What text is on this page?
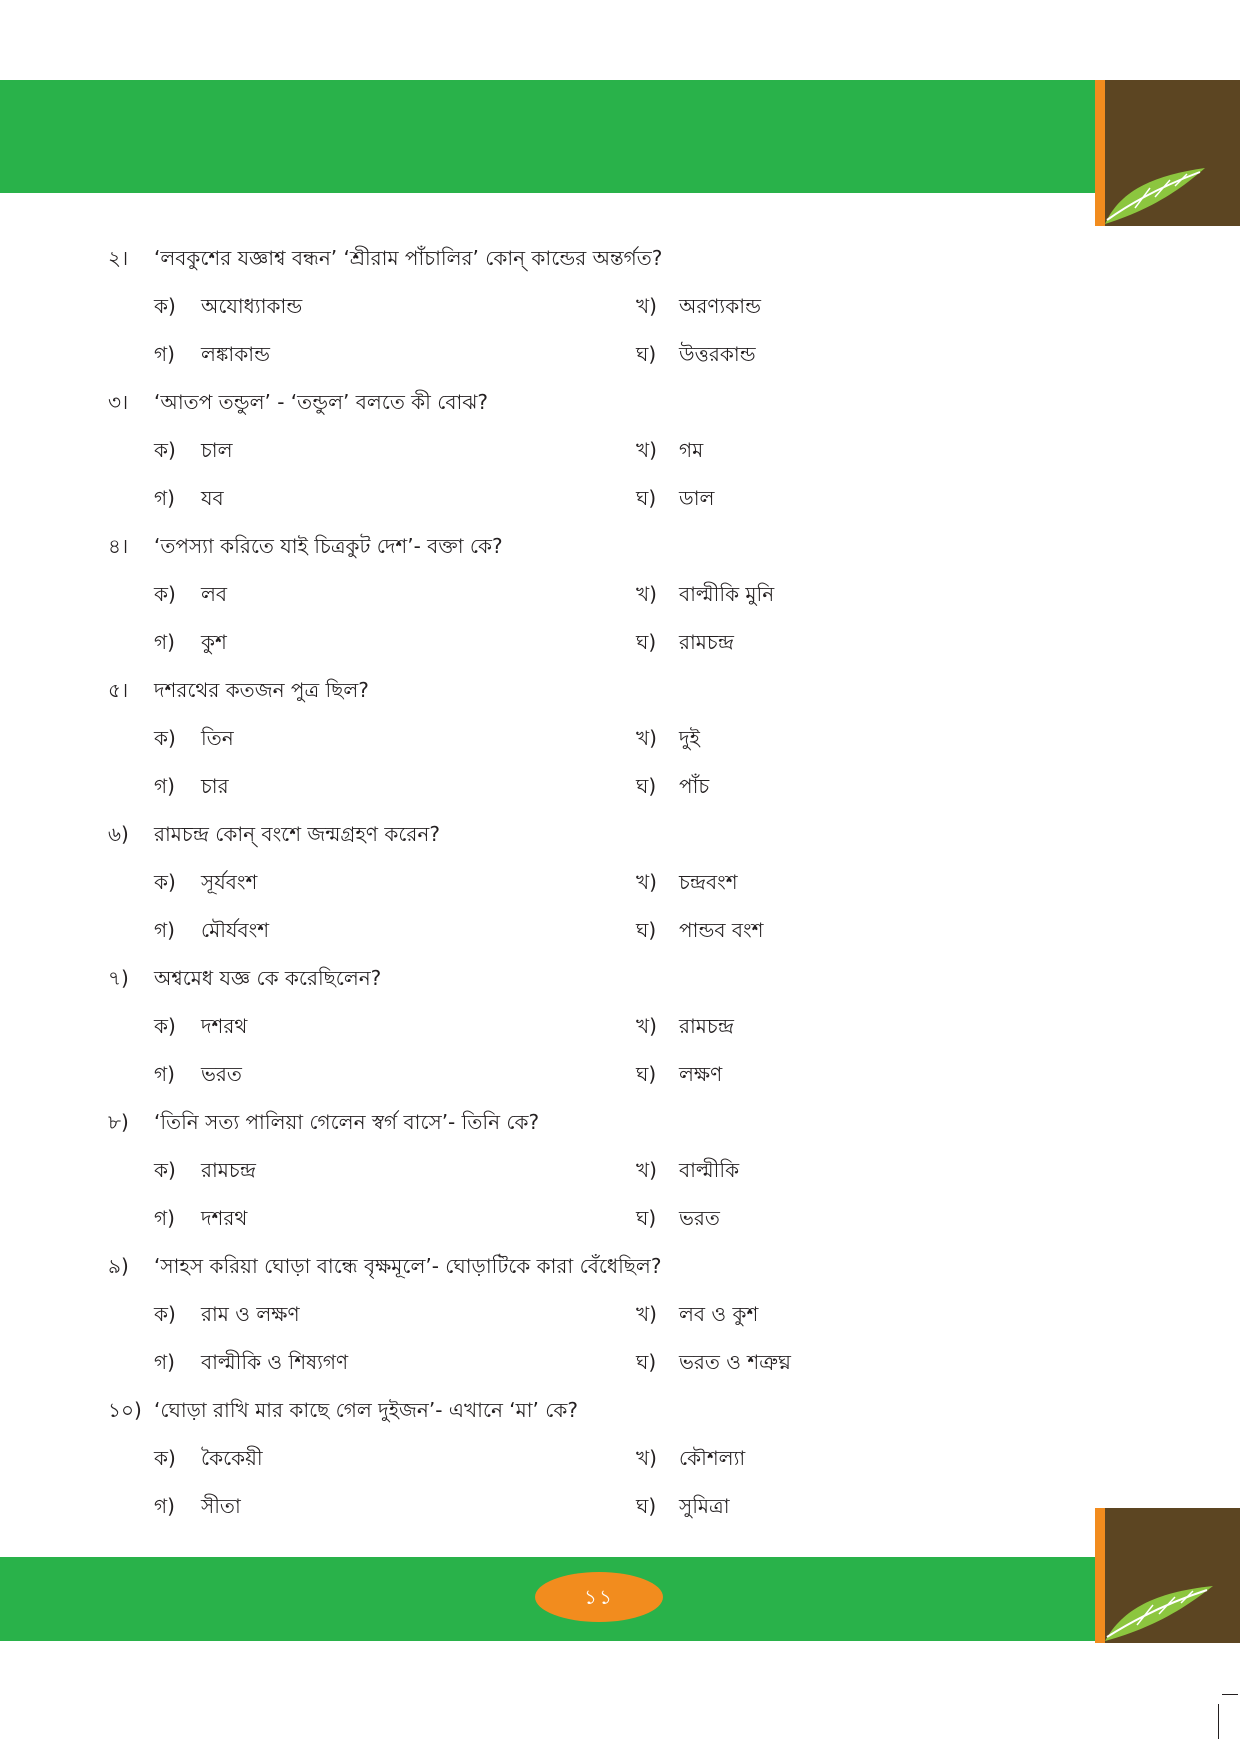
২। ‘লবকুশের যজ্ঞাশ্ব বন্ধন’ ‘শ্রীরাম পাঁচালির’ কোন্ কান্ডের অন্তর্গত?
ক) অযোধ্যাকান্ড	খ) অরণ্যকান্ড
গ) লঙ্কাকান্ড	ঘ) উত্তরকান্ড
৩। ‘আতপ তন্ডুল’ - ‘তন্ডুল’ বলতে কী বোঝ?
ক) চাল	খ) গম
গ) যব	ঘ) ডাল
৪। ‘তপস্যা করিতে যাই চিত্রকুট দেশ’- বক্তা কে?
ক) লব	খ) বাল্মীকি মুনি
গ) কুশ	ঘ) রামচন্দ্র
৫। দশরথের কতজন পুত্র ছিল?
ক) তিন	খ) দুই
গ) চার	ঘ) পাঁচ
৬) রামচন্দ্র কোন্ বংশে জন্মগ্রহণ করেন?
ক) সূর্যবংশ	খ) চন্দ্রবংশ
গ) মৌর্যবংশ	ঘ) পান্ডব বংশ
৭) অশ্বমেধ যজ্ঞ কে করেছিলেন?
ক) দশরথ	খ) রামচন্দ্র
গ) ভরত	ঘ) লক্ষণ
৮) ‘তিনি সত্য পালিয়া গেলেন স্বর্গ বাসে’- তিনি কে?
ক) রামচন্দ্র	খ) বাল্মীকি
গ) দশরথ	ঘ) ভরত
৯) ‘সাহস করিয়া ঘোড়া বান্ধে বৃক্ষমূলে’- ঘোড়াটিকে কারা বেঁধেছিল?
ক) রাম ও লক্ষণ	খ) লব ও কুশ
গ) বাল্মীকি ও শিষ্যগণ	ঘ) ভরত ও শত্রুঘ্ন
১০) ‘ঘোড়া রাখি মার কাছে গেল দুইজন’- এখানে ‘মা’ কে?
ক) কৈকেয়ী	খ) কৌশল্যা
গ) সীতা	ঘ) সুমিত্রা
১১
